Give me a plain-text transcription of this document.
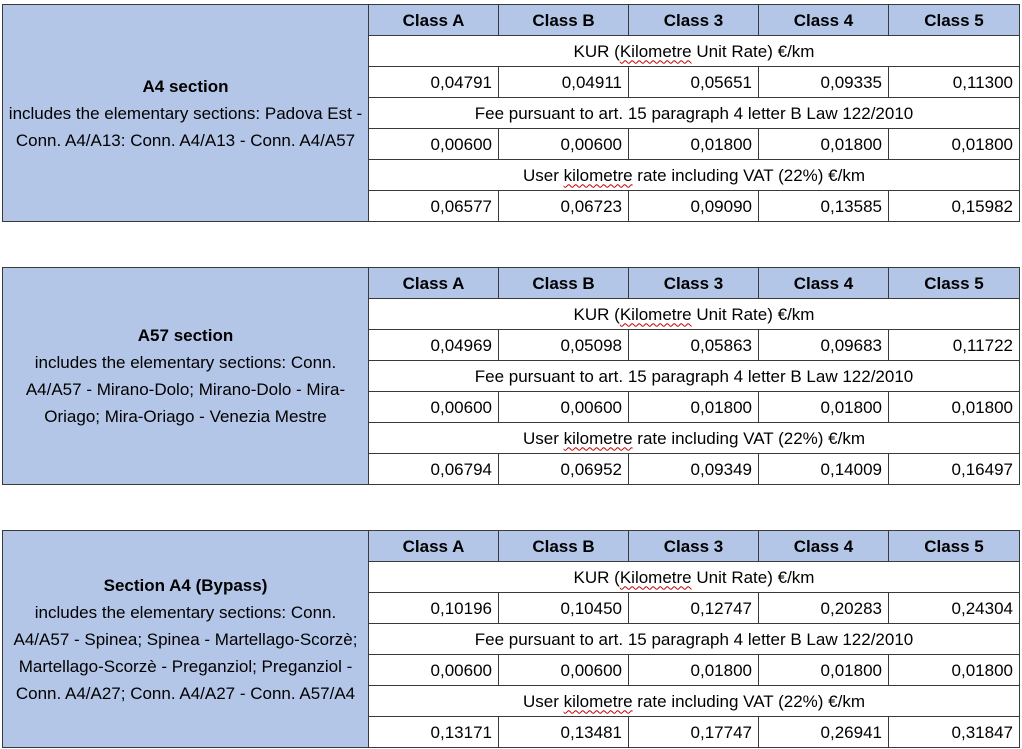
A4 section
includes the elementary sections: Padova Est - Conn. A4/A13: Conn. A4/A13 - Conn. A4/A57	Class A	Class B	Class 3	Class 4	Class 5
	KUR (Kilometre Unit Rate) €/km				
	0,04791	0,04911	0,05651	0,09335	0,11300
	Fee pursuant to art. 15 paragraph 4 letter B Law 122/2010				
	0,00600	0,00600	0,01800	0,01800	0,01800
	User kilometre rate including VAT (22%) €/km				
	0,06577	0,06723	0,09090	0,13585	0,15982
A57 section
includes the elementary sections: Conn. A4/A57 - Mirano-Dolo; Mirano-Dolo - Mira-Oriago; Mira-Oriago - Venezia Mestre	Class A	Class B	Class 3	Class 4	Class 5
	KUR (Kilometre Unit Rate) €/km				
	0,04969	0,05098	0,05863	0,09683	0,11722
	Fee pursuant to art. 15 paragraph 4 letter B Law 122/2010				
	0,00600	0,00600	0,01800	0,01800	0,01800
	User kilometre rate including VAT (22%) €/km				
	0,06794	0,06952	0,09349	0,14009	0,16497
Section A4 (Bypass)
includes the elementary sections: Conn. A4/A57 - Spinea; Spinea - Martellago-Scorzè; Martellago-Scorzè - Preganziol; Preganziol - Conn. A4/A27; Conn. A4/A27 - Conn. A57/A4	Class A	Class B	Class 3	Class 4	Class 5
	KUR (Kilometre Unit Rate) €/km				
	0,10196	0,10450	0,12747	0,20283	0,24304
	Fee pursuant to art. 15 paragraph 4 letter B Law 122/2010				
	0,00600	0,00600	0,01800	0,01800	0,01800
	User kilometre rate including VAT (22%) €/km				
	0,13171	0,13481	0,17747	0,26941	0,31847
